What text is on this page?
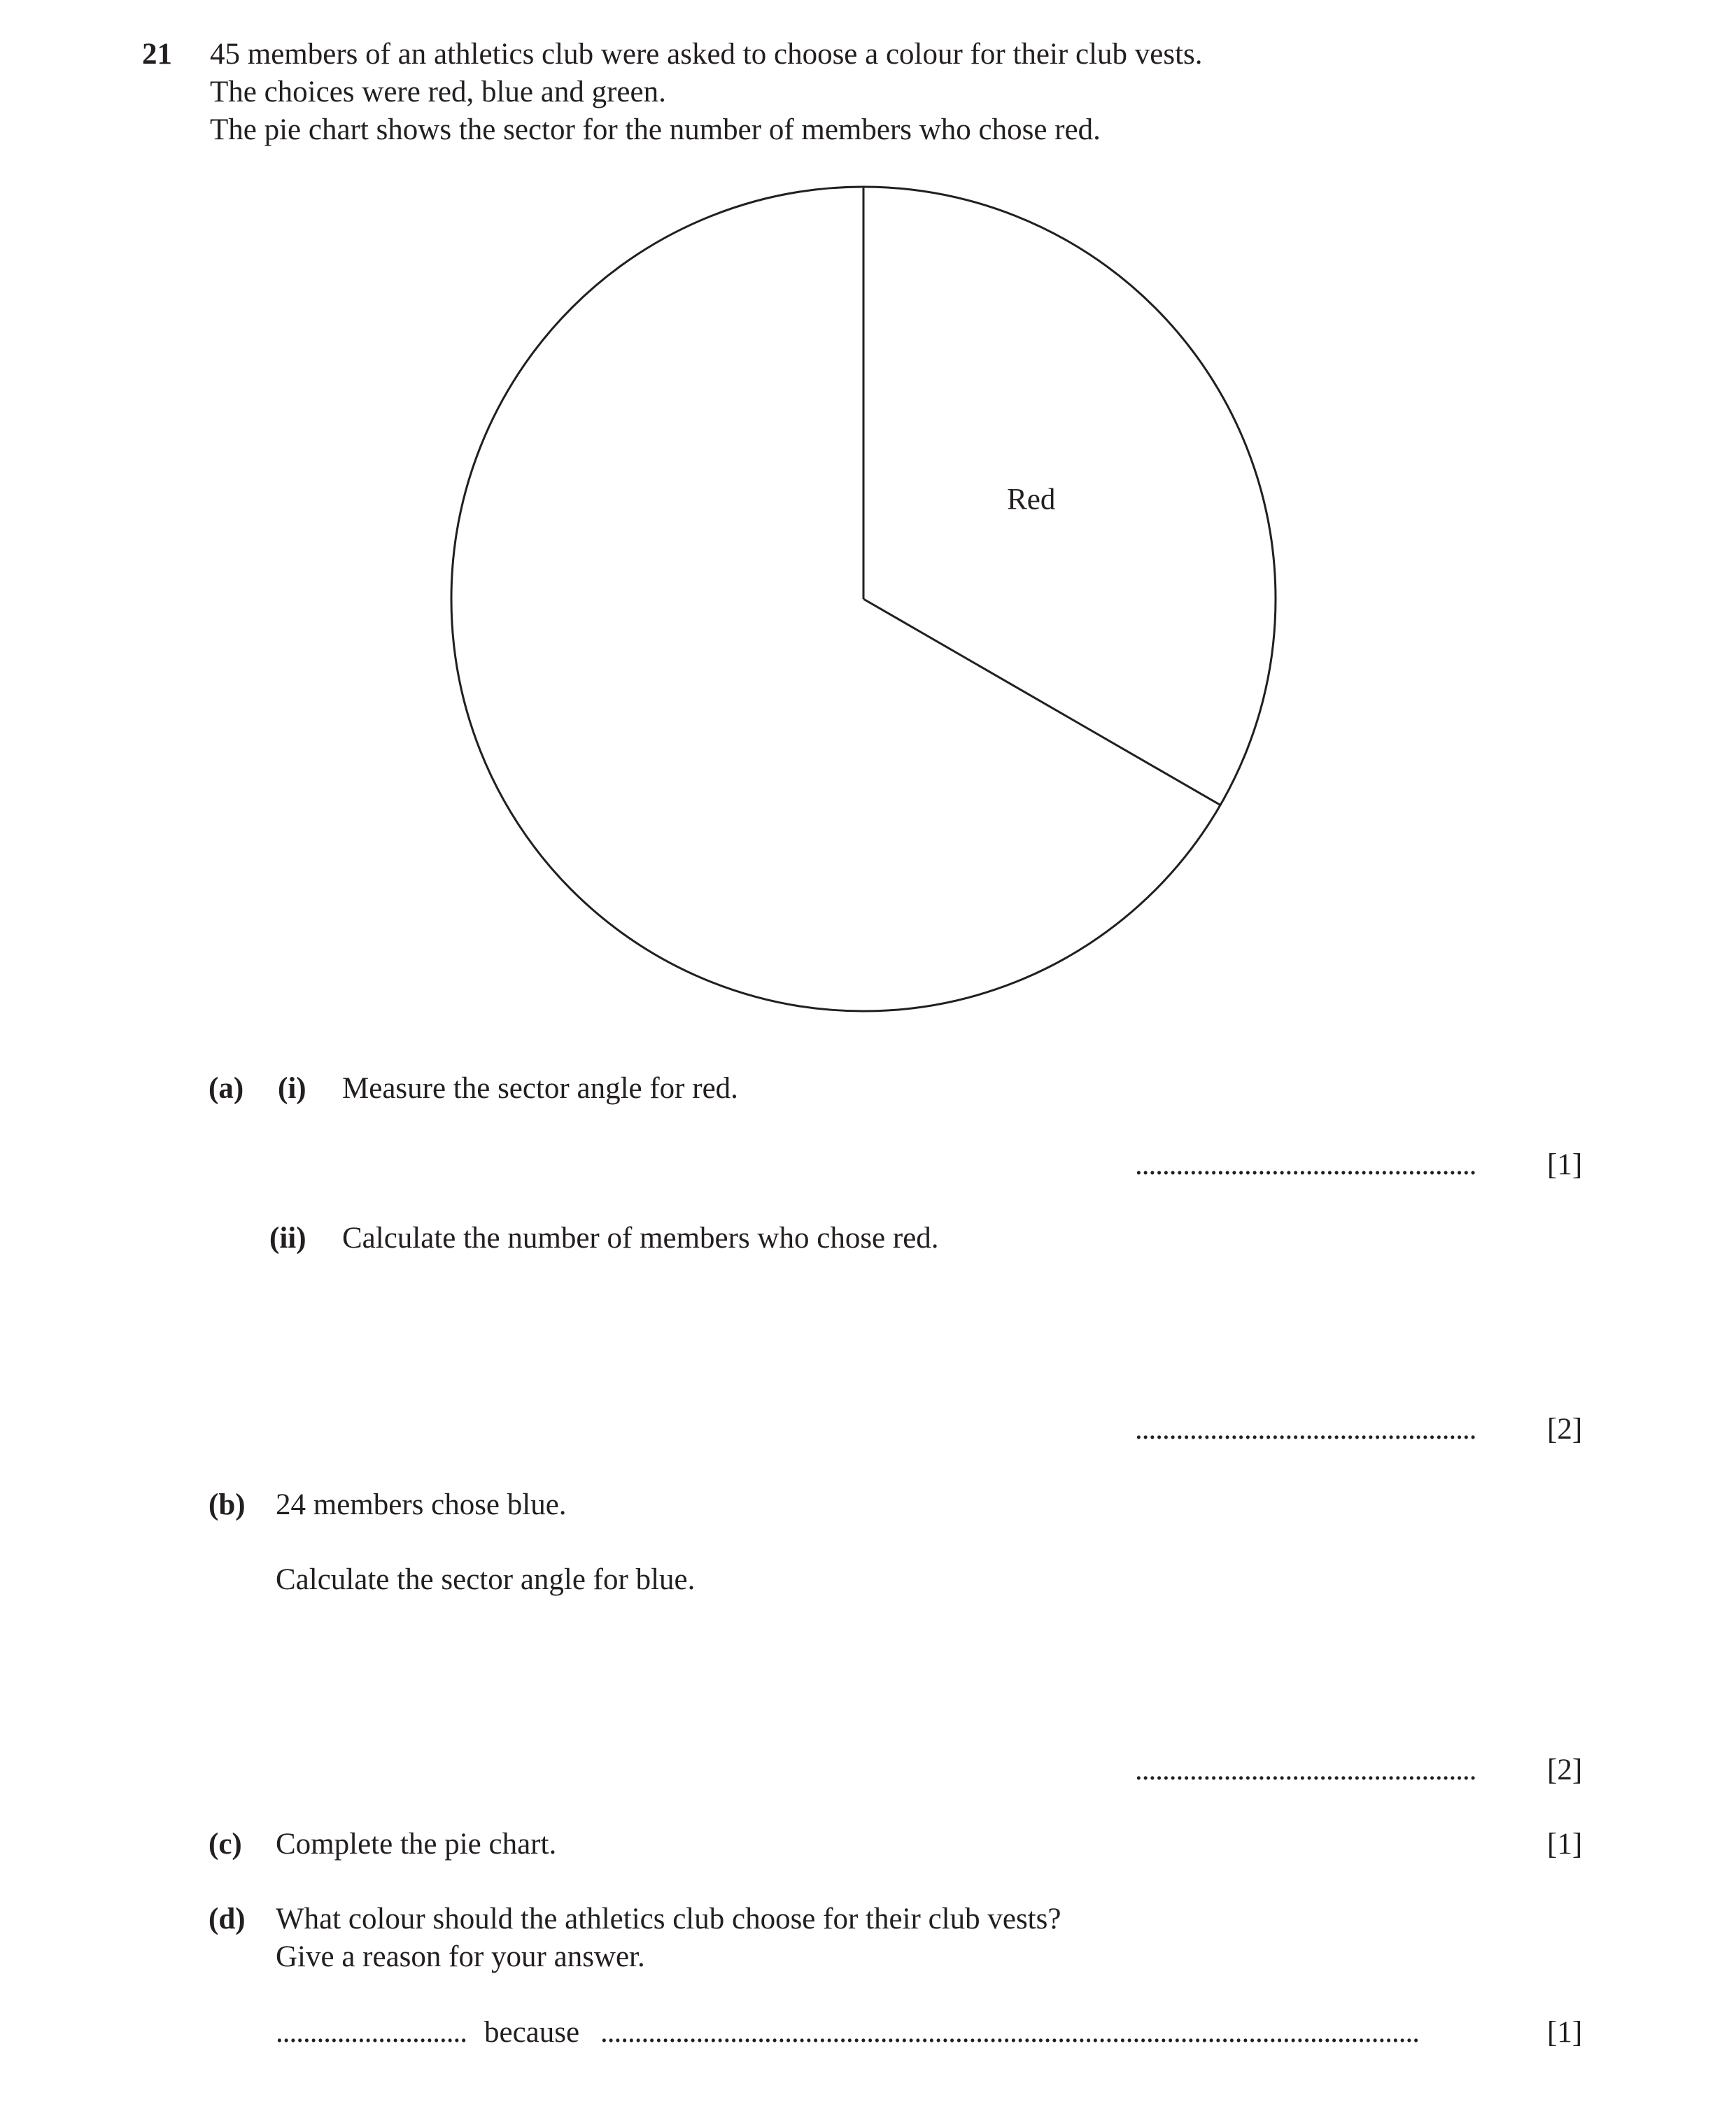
21 45 members of an athletics club were asked to choose a colour for their club vests.
The choices were red, blue and green.
The pie chart shows the sector for the number of members who chose red.
Red
(a) (i) Measure the sector angle for red.
..................................................	[1]
(ii) Calculate the number of members who chose red.
..................................................	[2]
(b) 24 members chose blue.
Calculate the sector angle for blue.
..................................................	[2]
(c) Complete the pie chart.	[1]
(d) What colour should the athletics club choose for their club vests?
Give a reason for your answer.
............................ because ........................................................................................................................	[1]
